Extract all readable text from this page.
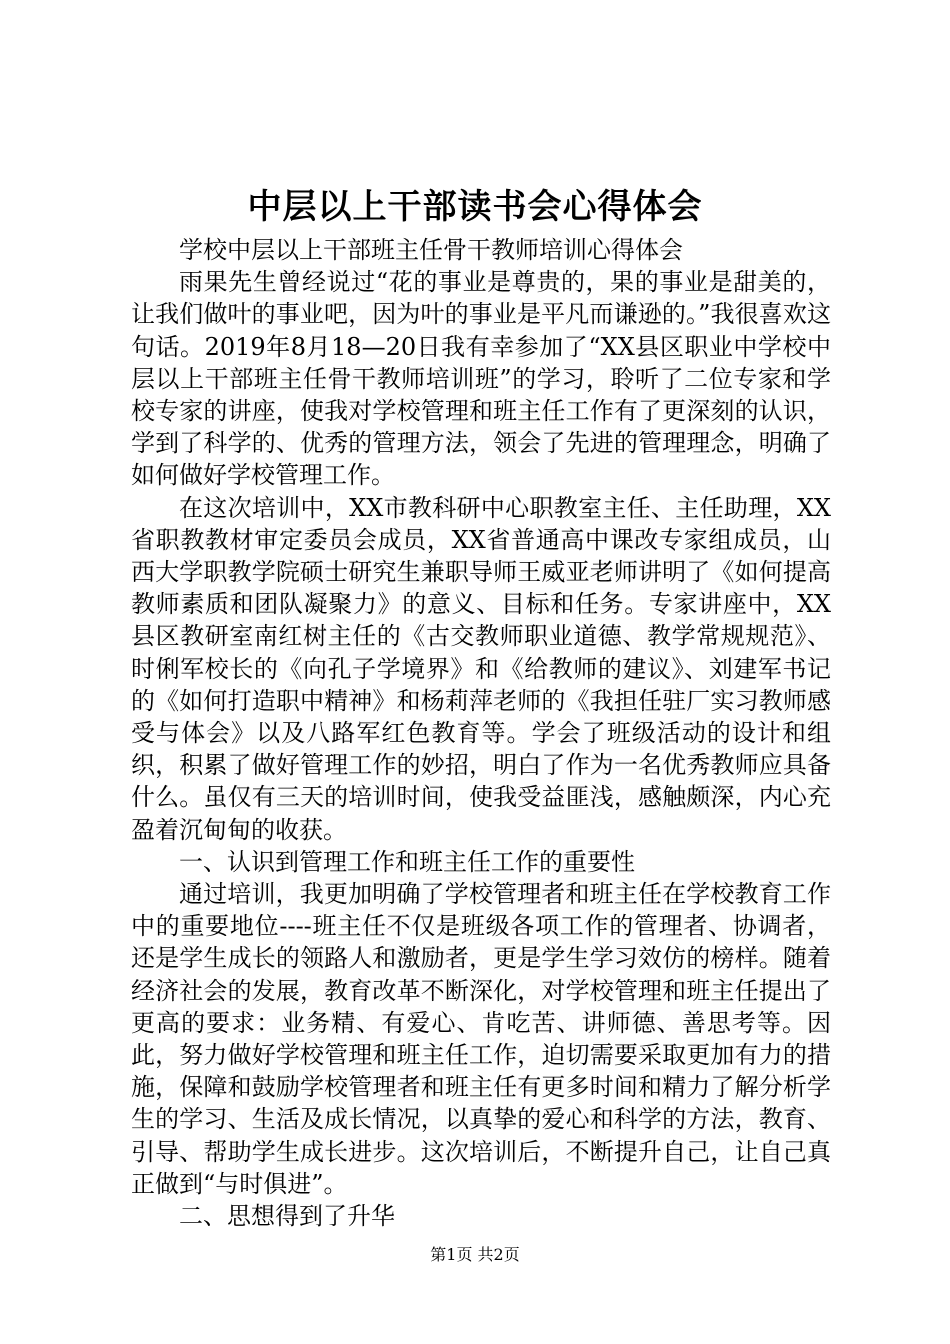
中层以上干部读书会心得体会

学校中层以上干部班主任骨干教师培训心得体会

雨果先生曾经说过“花的事业是尊贵的，果的事业是甜美的，让我们做叶的事业吧，因为叶的事业是平凡而谦逊的。”我很喜欢这句话。2019年8月18—20日我有幸参加了“XX县区职业中学校中层以上干部班主任骨干教师培训班”的学习，聆听了二位专家和学校专家的讲座，使我对学校管理和班主任工作有了更深刻的认识，学到了科学的、优秀的管理方法，领会了先进的管理理念，明确了如何做好学校管理工作。

在这次培训中，XX市教科研中心职教室主任、主任助理，XX省职教教材审定委员会成员，XX省普通高中课改专家组成员，山西大学职教学院硕士研究生兼职导师王威亚老师讲明了《如何提高教师素质和团队凝聚力》的意义、目标和任务。专家讲座中，XX县区教研室南红树主任的《古交教师职业道德、教学常规规范》、时俐军校长的《向孔子学境界》和《给教师的建议》、刘建军书记的《如何打造职中精神》和杨莉萍老师的《我担任驻厂实习教师感受与体会》以及八路军红色教育等。学会了班级活动的设计和组织，积累了做好管理工作的妙招，明白了作为一名优秀教师应具备什么。虽仅有三天的培训时间，使我受益匪浅，感触颇深，内心充盈着沉甸甸的收获。

一、认识到管理工作和班主任工作的重要性

通过培训，我更加明确了学校管理者和班主任在学校教育工作中的重要地位----班主任不仅是班级各项工作的管理者、协调者，还是学生成长的领路人和激励者，更是学生学习效仿的榜样。随着经济社会的发展，教育改革不断深化，对学校管理和班主任提出了更高的要求：业务精、有爱心、肯吃苦、讲师德、善思考等。因此，努力做好学校管理和班主任工作，迫切需要采取更加有力的措施，保障和鼓励学校管理者和班主任有更多时间和精力了解分析学生的学习、生活及成长情况，以真挚的爱心和科学的方法，教育、引导、帮助学生成长进步。这次培训后，不断提升自己，让自己真正做到“与时俱进”。

二、思想得到了升华

第1页 共2页
